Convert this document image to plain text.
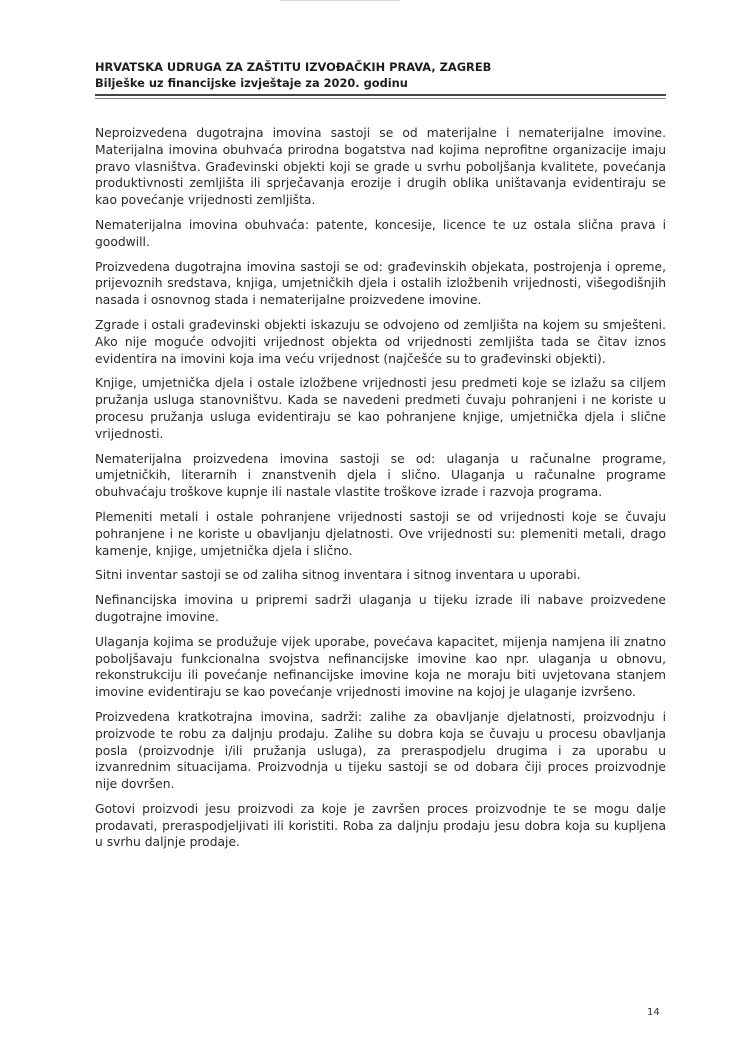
HRVATSKA UDRUGA ZA ZAŠTITU IZVOĐAČKIH PRAVA, ZAGREB
Bilješke uz financijske izvještaje za 2020. godinu

Neproizvedena dugotrajna imovina sastoji se od materijalne i nematerijalne imovine. Materijalna imovina obuhvaća prirodna bogatstva nad kojima neprofitne organizacije imaju pravo vlasništva. Građevinski objekti koji se grade u svrhu poboljšanja kvalitete, povećanja produktivnosti zemljišta ili sprječavanja erozije i drugih oblika uništavanja evidentiraju se kao povećanje vrijednosti zemljišta.

Nematerijalna imovina obuhvaća: patente, koncesije, licence te uz ostala slična prava i goodwill.

Proizvedena dugotrajna imovina sastoji se od: građevinskih objekata, postrojenja i opreme, prijevoznih sredstava, knjiga, umjetničkih djela i ostalih izložbenih vrijednosti, višegodišnjih nasada i osnovnog stada i nematerijalne proizvedene imovine.

Zgrade i ostali građevinski objekti iskazuju se odvojeno od zemljišta na kojem su smješteni. Ako nije moguće odvojiti vrijednost objekta od vrijednosti zemljišta tada se čitav iznos evidentira na imovini koja ima veću vrijednost (najčešće su to građevinski objekti).

Knjige, umjetnička djela i ostale izložbene vrijednosti jesu predmeti koje se izlažu sa ciljem pružanja usluga stanovništvu. Kada se navedeni predmeti čuvaju pohranjeni i ne koriste u procesu pružanja usluga evidentiraju se kao pohranjene knjige, umjetnička djela i slične vrijednosti.

Nematerijalna proizvedena imovina sastoji se od: ulaganja u računalne programe, umjetničkih, literarnih i znanstvenih djela i slično. Ulaganja u računalne programe obuhvaćaju troškove kupnje ili nastale vlastite troškove izrade i razvoja programa.

Plemeniti metali i ostale pohranjene vrijednosti sastoji se od vrijednosti koje se čuvaju pohranjene i ne koriste u obavljanju djelatnosti. Ove vrijednosti su: plemeniti metali, drago kamenje, knjige, umjetnička djela i slično.

Sitni inventar sastoji se od zaliha sitnog inventara i sitnog inventara u uporabi.

Nefinancijska imovina u pripremi sadrži ulaganja u tijeku izrade ili nabave proizvedene dugotrajne imovine.

Ulaganja kojima se produžuje vijek uporabe, povećava kapacitet, mijenja namjena ili znatno poboljšavaju funkcionalna svojstva nefinancijske imovine kao npr. ulaganja u obnovu, rekonstrukciju ili povećanje nefinancijske imovine koja ne moraju biti uvjetovana stanjem imovine evidentiraju se kao povećanje vrijednosti imovine na kojoj je ulaganje izvršeno.

Proizvedena kratkotrajna imovina, sadrži: zalihe za obavljanje djelatnosti, proizvodnju i proizvode te robu za daljnju prodaju. Zalihe su dobra koja se čuvaju u procesu obavljanja posla (proizvodnje i/ili pružanja usluga), za preraspodjelu drugima i za uporabu u izvanrednim situacijama. Proizvodnja u tijeku sastoji se od dobara čiji proces proizvodnje nije dovršen.

Gotovi proizvodi jesu proizvodi za koje je završen proces proizvodnje te se mogu dalje prodavati, preraspodjeljivati ili koristiti. Roba za daljnju prodaju jesu dobra koja su kupljena u svrhu daljnje prodaje.

14
